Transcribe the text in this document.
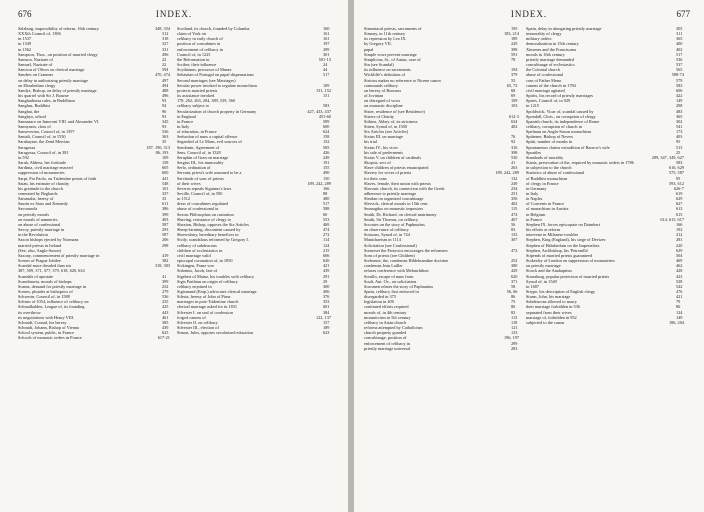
676	INDEX.
348, 354
Salzburg, impossibility of reform, 16th century
312
XXXth Council of, 1386
318
in 1537
327
in 1549
331
in 1562
496
Sampson, Thos., on position of married clergy
22
Samson, Nazirate of
22
Samuel, Nazirate of
594
Sancion of Olivos on clerical marriage
470, 474
Sanders on Cranmer
497
on delay in authorizing priestly marriage
494
on Elizabethan clergy
488
Sandys, Bishop, on delay of priestly marriage
496
his quarrel with Sir J. Bourne
93
Sanghadisesa rules, in Buddhism
94
Sanghas, Buddhist
96
Sanghat, the
93
Sanghya, school
345
Sannazaro on Innocent VIII. and Alexander VI.
93
Sannyasin, class of
536
Sanseverino, Council of, in 1597
363
Santali, Council of, in 1550
35
Sarabaytae, the Zend Mercian
187, 190, 313
Saragossa
86, 193
Saragossa, Council of, in 381
109
in 592
158
Sarah, Abbess, her fortitude
605
Sardinia, civil marriage enacted
600
suppression of monasteries
441
Sarpi, Fra Paolo, on Tridentine points of faith
548
Satan, his estimate of chastity
101
his gratitude to the church
337
venerated by Beghards
33
Saturnalia, heresy of
611
Saurin ex Stars and Kennedy
386
Savonarola
399
on priestly morals
403
on morals of nunneries
587
on abuse of confessional
293
Savoy, priestly marriage in
587
in the Revolution
206
Saxon bishops ejected by Normans
298
married priests in Ireland
(See, also, Anglo-Saxon)
419
Saxony, commencement of priestly marriage in
382
Scenes of Prague Jubilee
318, 383
Scandal more dreaded than sin
387, 509, 371, 377, 379, 618, 620, 634
41
Scandals of apostate
399
Scandinavia, morals of bishops
252
Scania, demand for priestly marriage in
279
Scenes, plunder at bishoprics of
536
Schwerin, Council of, in 1588
235
Schism of 1054, influence of celibacy on
425
Schmalkalden, League of, its founding
443
its overthrow
461
its negotiations with Henry VIII.
385
Schmidt, Conrad, his heresy
439
Schmidt, Johann, Bishop of Vienna
625
School system, public, in France
617-21
Schools of monastic orders in France
160
Scotland, its church, founded by Columba
161
claim of York on
161
celibacy in early church of
197
position of concubines in
299
enforcement of celibacy in
301
Council of, in 1225
501-13
the Reformation in
24
Scriber, their influence
44
Scythianus, precursor of Manes
517
Sebastian of Portugal on papal dispensations
Second marriages (see Marriages)
109
Secular power invoked to regulate monachism
131, 152
protects married priests
151
its assistance invoked
178, 262, 263, 284, 389, 539, 560
583
celibacy subject to
427, 433, 437
Secularization of church property in Germany
451-60
in England
589
in France
600
in Italy
624
of education, in France
158
Seduction of nuns a capital offence
152
Segenfrid of Le Mans, evil sources of
585
Sendomir, Agreement of
426
Sens, Council of, in 1528
249
Seraphin of Gran on marriage
191
Sergius III., his immorality
155
Serlo, ordination of
490
Servant, priest's wife assumed to be a
150
Servitude of sons of priests
189, 242, 289
of their wives
166
Severus repeals Siguinus's laws
88
Seville, Council of, in 590
480
in 1512
517
dress of concubines regulated
588
abuse of confessional in
60
Sextus Philosophus on castration
553
Shaving, resistance of clergy to
469
Shaxton, Bishop, opposes the Six Articles
474
Sheep-farming, discontent caused by
272
Shrewsbury, hereditary benefices in
114
Sicily, scandalous reformed by Gregory I.
124
celibacy of subdeacons
215
children of ecclesiastics in
606
civil marriage valid
626
episcopal coronation of, in 1850
421
Sickingen, Franz von
439
Sidonius, Jacob, fate of
291
Sigebert of Mainz, his troubles with celibacy
29
Sigis Parthian on origin of celibacy
300
celibacy enjoined in
406
Sigismund (Emp.) advocates clerical marriage
376
Silesia, heresy of John of Pirna
353
marriages in post-Tridentine church
601
clerical marriage asked for in 1831
384
Silvester I. on seal of confession
122, 137
forged canons of
157
Silvester II. on celibacy
189
Silvester III., election of
623
Simon, Jules, opposes secularized education
INDEX.	677
195
Simoniacal priests, sacraments of
183, 214
Simony, in 11th century
189
its repression by Leo IX.
229
by Gregory VII.
398
papal
591
Simple vows prevent marriage
78
Simplicius, St., of Autun, case of
Sin (see Scandal)
194
its influence on sacraments
379
Wickliffe's definition of
55
Siricius makes no reference to Nicene canon
65, 72
commands celibacy
68
on heresy of Bonosus
69
of Jovinian
109
on disregard of vows
103
on monastic discipline
Sister, residence of (see Residence)
612-3
Sisters of Charity
634
Sithieu, Abbey of, its strictness
402
Sitten, Synod of, in 1500
Six Articles (see Articles)
76
Sixtus III. on marriage
92
his trial
316
Sixtus IV., his vices
398
his sale of preferments
530
Sixtus V. on children of cardinals
41
Skopsis, sect of
263
Slave children of priests emancipated
189, 242, 289
Slavery for wives of priests
132
for their sons
249
Slaves, female, their union with priests
234
Slavonic church, its connection with the Greek
251
adherence to priestly marriage
356
Slesdan on organized concubinage
402
Slesvick, clerical morals in 15th cent.
115
Smaragdus on monastic impostors
474
Smith, Dr. Richard, on clerical matrimony
467
Smith, Sir Thomas, on celibacy
56
Socrates on the story of Paphnutius
83
on observance of celibacy
133
Soissons, Synod of, in 744
307
Manichaeism in 1114
Solicitation (see Confessional)
472
Somerset the Protector encourages the reformers
Sons of priests (see Children)
252
Sorbonne, the, condemns Hildebrandine doctrine
380
condemns Jean Lailler
429
refuses conference with Melanchthon
620
Sorullo, escape of nuns from
371
Soult, Ant. Ov., on solicitation
58
Sozomen relates the story of Paphnutius
56, 66
Spain, celibacy first enforced in
86
disregarded in 375
75
legislation in 400
86
continued efforts required
82
morals of, in 4th century
113
monasticism in 5th century
118
celibacy in Arian church
121
reforms attempted by Catholicism
133
church property guarded
196, 197
concubinage, position of
299
enforcement of celibacy in
283
priestly marriage universal
305
Spain, delay in abrogating priestly marriage
311
immorality of clergy
365
military orders
400
demoralization in 15th century
402
Ximenes and the Franciscans
517
morals in 16th century
536
priestly marriage demanded
537
concubinage of ecclesiastics
565
the Colonial church
588-74
abuse of confessional
579
case of Father Mena
583
canons of the church in 1784
606
civil marriage agitated
422
Spirits, his record of priestly marriages
149
Spires, Council of, in 929
298
in 1215
483
Spoldwick, Vicar of, scandal caused by
365
Spondall, Chris., on corruption of clergy
302
Spanish church, its independence of Rome
541
celibacy, corruption of church in
173
Spelman on Anglo-Saxon monachism
403
Spittener, Bishop of Neven
95
Spitti, number of monks in
513
Spontaneous claims extradition of Barrow's wife
25
Sprattles
289, 347, 349, 627
Standards of morality
583
Stanis, persecution of the, required by monastic orders in 1786
616, 629
in subjection to the church
575, 587
Statistics of abuse of confessional
95
of Buddhist monachism
593, 612
of clergy in France
626-7
in Germany
619
in Italy
629
in Naples
627
of Convents in France
613
of monachism in Austria
615
in Belgium
614, 615, 617
in France
166
Stephen IX. forces episcopate on Daimbert
192
his efforts at reform
212
intervene in Milanese troubles
281
Stephen, King (England), his siege of Devizes
220
Stephen of Habsberlain on the Imperialists
629
Stephen, Archbishop, his 'Petronilla'
504
Stipends of married priests guaranteed
469
Stokesley of London on suppression of monasteries
462
on priestly marriage
428
Storck and the Anabaptists
423
Strassburg, popular protection of married priests
528
Synod of, in 1549
542
in 1687
476
Strype, his description of English clergy
421
Sturm, John, his marriage
79
Subdeacons allowed to marry
86
their marriage forbidden in 536
124
separated from their wives
149
marriage of, forbidden in 952
186, 204
subjected to the canon
